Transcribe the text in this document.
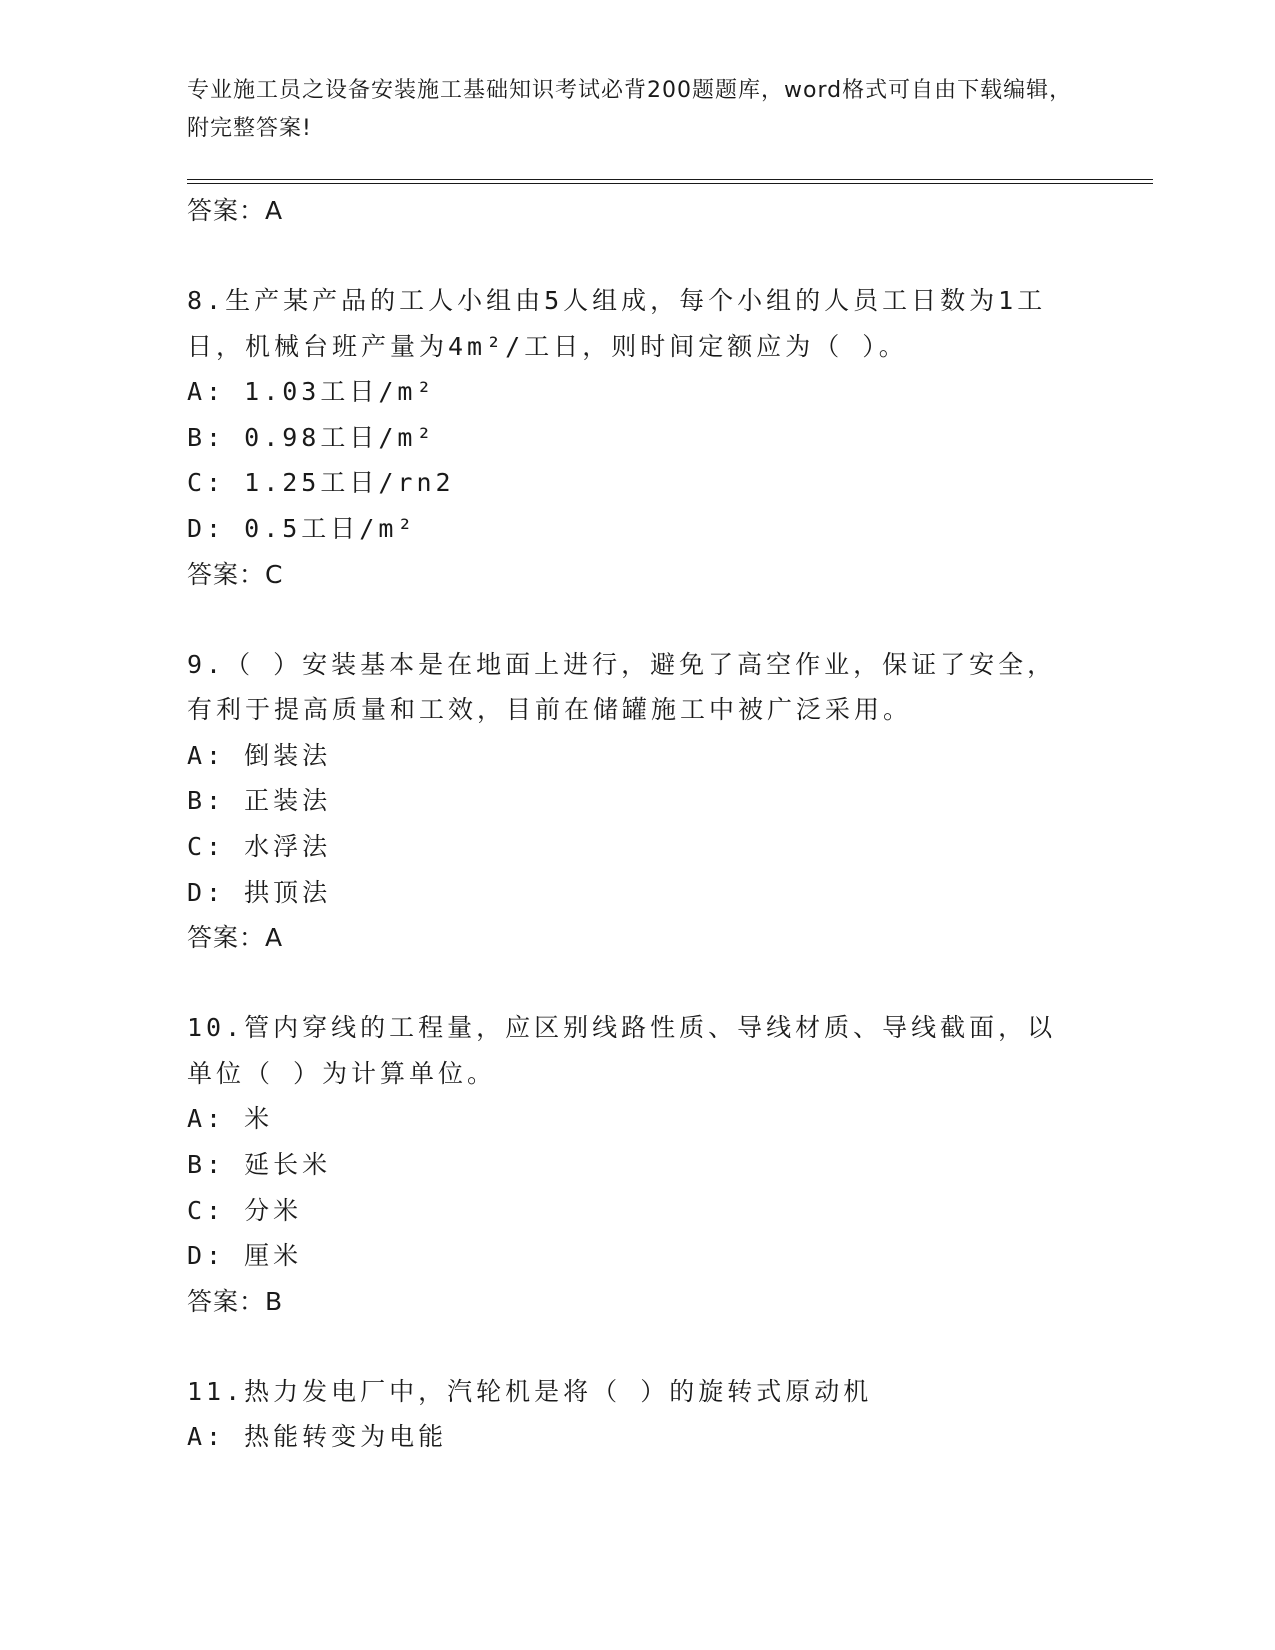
专业施工员之设备安装施工基础知识考试必背200题题库，word格式可自由下载编辑，附完整答案!
答案：A
8.生产某产品的工人小组由5人组成，每个小组的人员工日数为1工日，机械台班产量为4m²/工日，则时间定额应为（ ）。
A: 1.03工日/m²
B: 0.98工日/m²
C: 1.25工日/rn2
D: 0.5工日/m²
答案：C
9.（ ）安装基本是在地面上进行，避免了高空作业，保证了安全，有利于提高质量和工效，目前在储罐施工中被广泛采用。
A: 倒装法
B: 正装法
C: 水浮法
D: 拱顶法
答案：A
10.管内穿线的工程量，应区别线路性质、导线材质、导线截面，以单位（ ）为计算单位。
A: 米
B: 延长米
C: 分米
D: 厘米
答案：B
11.热力发电厂中，汽轮机是将（ ）的旋转式原动机
A: 热能转变为电能
